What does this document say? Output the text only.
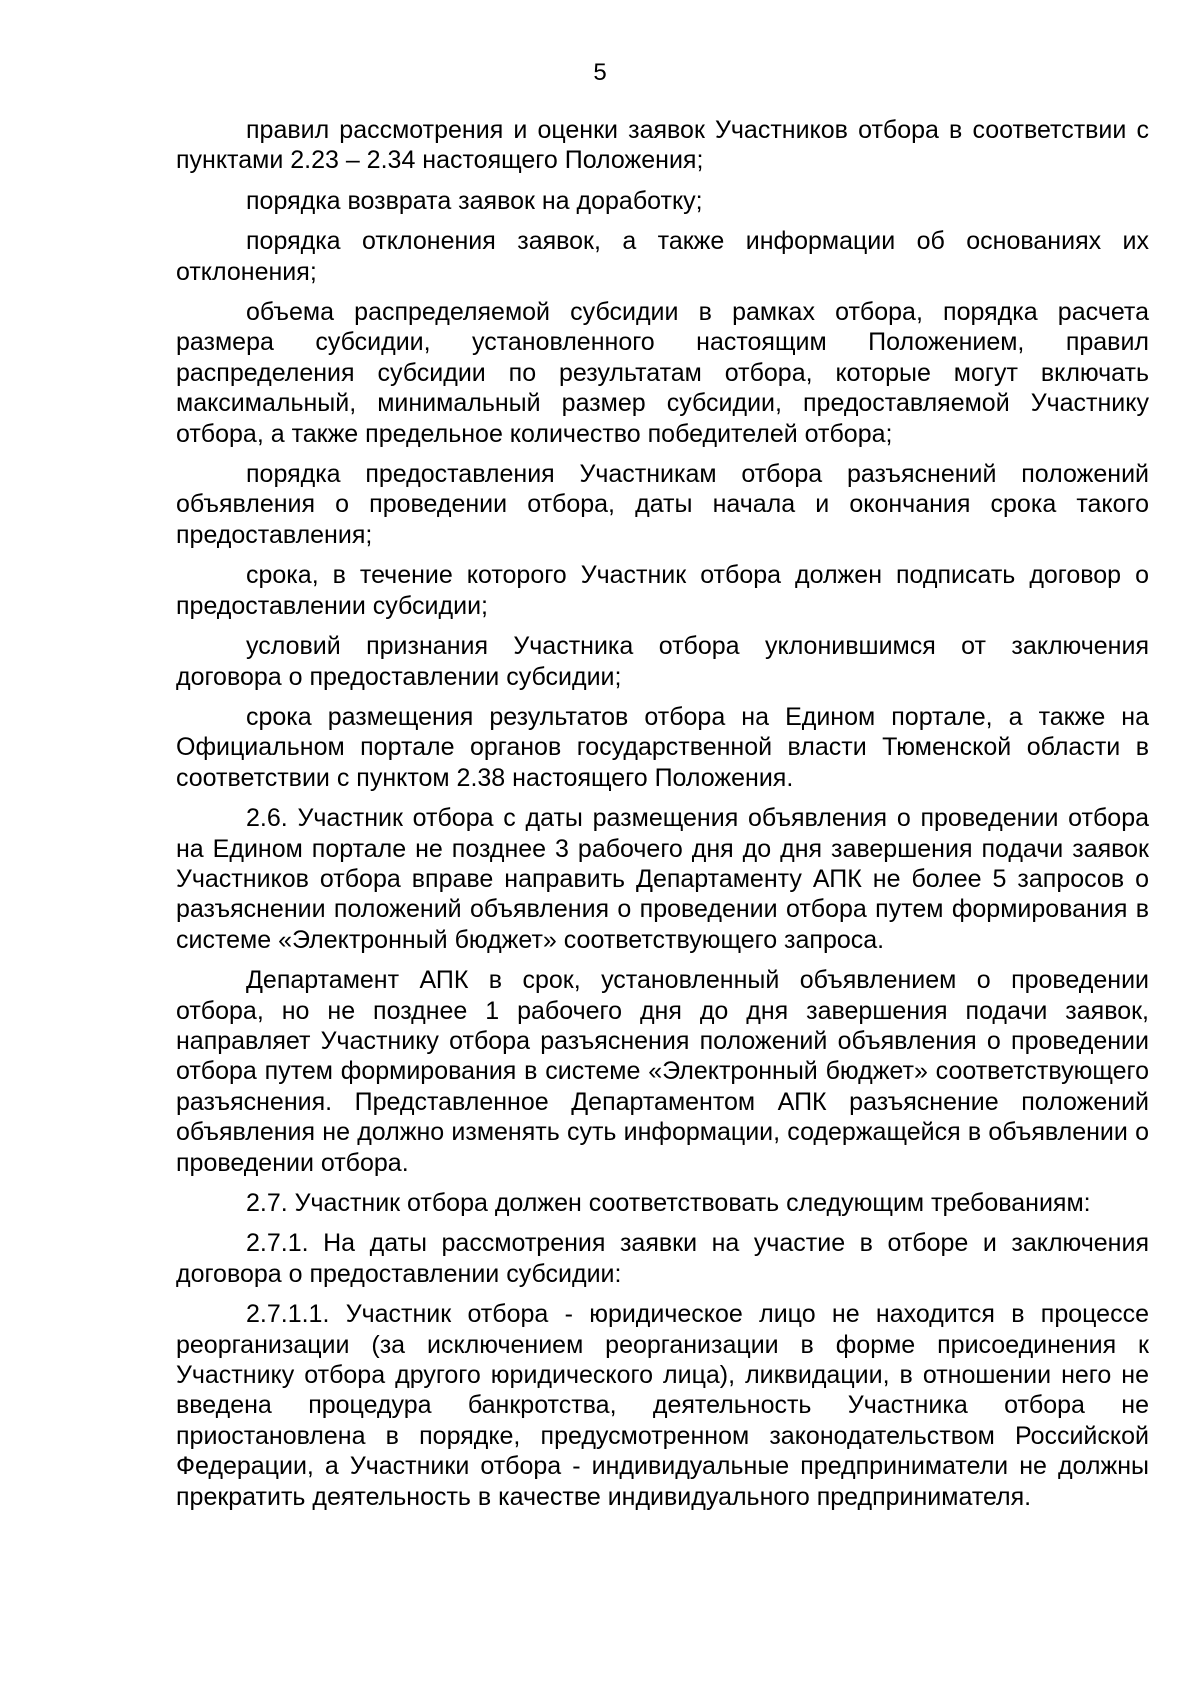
5

правил рассмотрения и оценки заявок Участников отбора в соответствии с пунктами 2.23 – 2.34 настоящего Положения;

порядка возврата заявок на доработку;

порядка отклонения заявок, а также информации об основаниях их отклонения;

объема распределяемой субсидии в рамках отбора, порядка расчета размера субсидии, установленного настоящим Положением, правил распределения субсидии по результатам отбора, которые могут включать максимальный, минимальный размер субсидии, предоставляемой Участнику отбора, а также предельное количество победителей отбора;

порядка предоставления Участникам отбора разъяснений положений объявления о проведении отбора, даты начала и окончания срока такого предоставления;

срока, в течение которого Участник отбора должен подписать договор о предоставлении субсидии;

условий признания Участника отбора уклонившимся от заключения договора о предоставлении субсидии;

срока размещения результатов отбора на Едином портале, а также на Официальном портале органов государственной власти Тюменской области в соответствии с пунктом 2.38 настоящего Положения.

2.6. Участник отбора с даты размещения объявления о проведении отбора на Едином портале не позднее 3 рабочего дня до дня завершения подачи заявок Участников отбора вправе направить Департаменту АПК не более 5 запросов о разъяснении положений объявления о проведении отбора путем формирования в системе «Электронный бюджет» соответствующего запроса.

Департамент АПК в срок, установленный объявлением о проведении отбора, но не позднее 1 рабочего дня до дня завершения подачи заявок, направляет Участнику отбора разъяснения положений объявления о проведении отбора путем формирования в системе «Электронный бюджет» соответствующего разъяснения. Представленное Департаментом АПК разъяснение положений объявления не должно изменять суть информации, содержащейся в объявлении о проведении отбора.

2.7. Участник отбора должен соответствовать следующим требованиям:

2.7.1. На даты рассмотрения заявки на участие в отборе и заключения договора о предоставлении субсидии:

2.7.1.1. Участник отбора - юридическое лицо не находится в процессе реорганизации (за исключением реорганизации в форме присоединения к Участнику отбора другого юридического лица), ликвидации, в отношении него не введена процедура банкротства, деятельность Участника отбора не приостановлена в порядке, предусмотренном законодательством Российской Федерации, а Участники отбора - индивидуальные предприниматели не должны прекратить деятельность в качестве индивидуального предпринимателя.
